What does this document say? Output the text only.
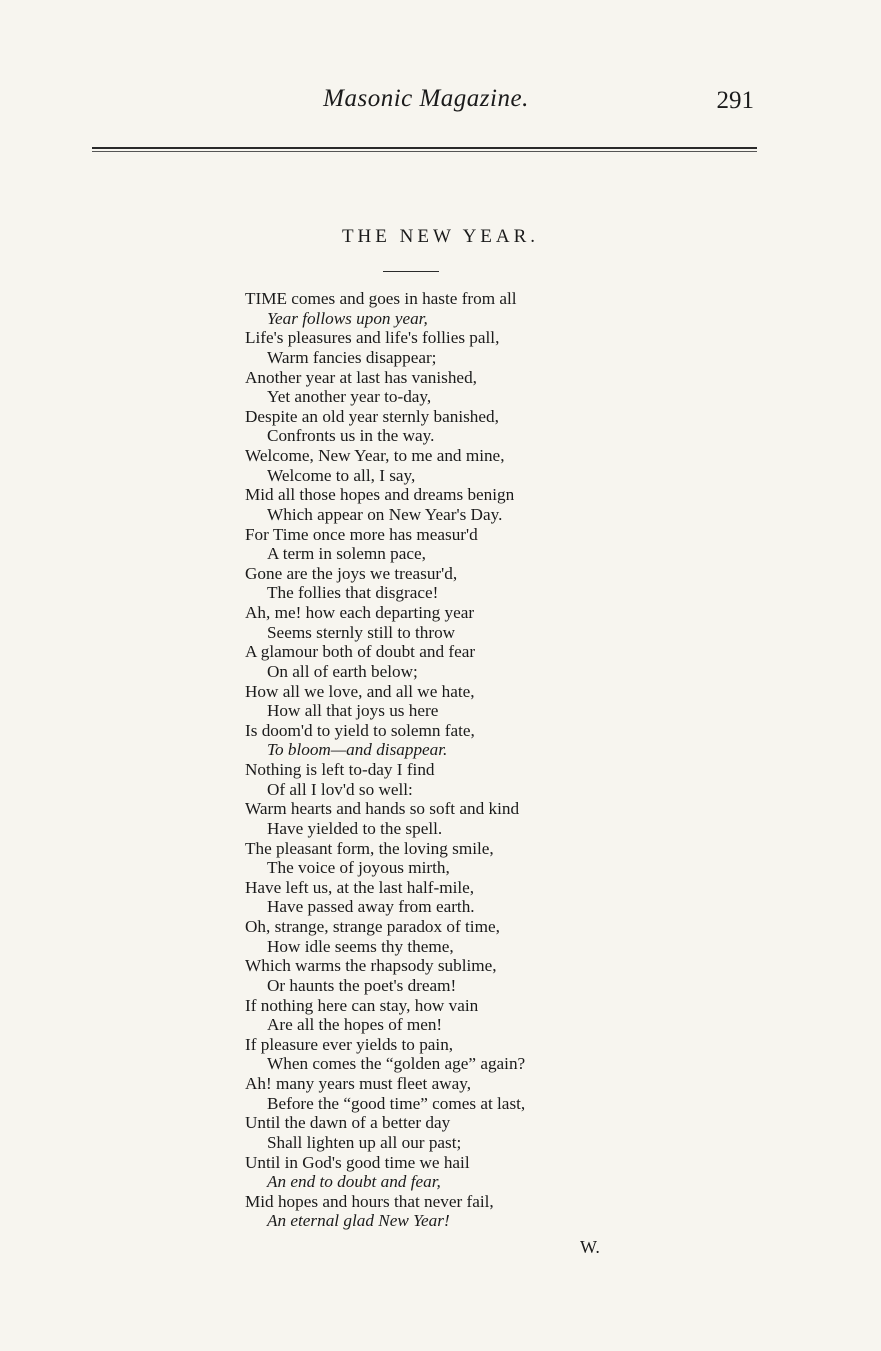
Masonic Magazine.	291
THE NEW YEAR.
TIME comes and goes in haste from all
Year follows upon year,
Life's pleasures and life's follies pall,
Warm fancies disappear;
Another year at last has vanished,
Yet another year to-day,
Despite an old year sternly banished,
Confronts us in the way.
Welcome, New Year, to me and mine,
Welcome to all, I say,
Mid all those hopes and dreams benign
Which appear on New Year's Day.
For Time once more has measur'd
A term in solemn pace,
Gone are the joys we treasur'd,
The follies that disgrace!
Ah, me! how each departing year
Seems sternly still to throw
A glamour both of doubt and fear
On all of earth below;
How all we love, and all we hate,
How all that joys us here
Is doom'd to yield to solemn fate,
To bloom—and disappear.
Nothing is left to-day I find
Of all I lov'd so well:
Warm hearts and hands so soft and kind
Have yielded to the spell.
The pleasant form, the loving smile,
The voice of joyous mirth,
Have left us, at the last half-mile,
Have passed away from earth.
Oh, strange, strange paradox of time,
How idle seems thy theme,
Which warms the rhapsody sublime,
Or haunts the poet's dream!
If nothing here can stay, how vain
Are all the hopes of men!
If pleasure ever yields to pain,
When comes the “golden age” again?
Ah! many years must fleet away,
Before the “good time” comes at last,
Until the dawn of a better day
Shall lighten up all our past;
Until in God's good time we hail
An end to doubt and fear,
Mid hopes and hours that never fail,
An eternal glad New Year!
W.
